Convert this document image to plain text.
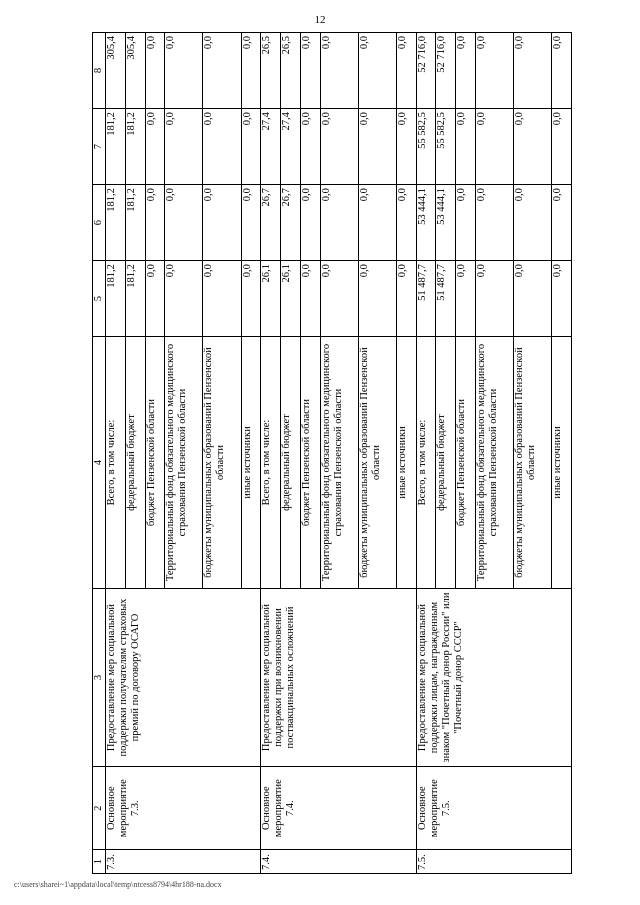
12
1	2	3	4	5	6	7	8
7.3.	Основное мероприятие 7.3.	Предоставление мер социальной поддержки получателям страховых премий по договору ОСАГО	Всего, в том числе:	181,2	181,2	181,2	305,4
			федеральный бюджет	181,2	181,2	181,2	305,4
			бюджет Пензенской области	0,0	0,0	0,0	0,0
			Территориальный фонд обязательного медицинского страхования Пензенской области	0,0	0,0	0,0	0,0
			бюджеты муниципальных образований Пензенской области	0,0	0,0	0,0	0,0
			иные источники	0,0	0,0	0,0	0,0
7.4.	Основное мероприятие 7.4.	Предоставление мер социальной поддержки при возникновении поствакцинальных осложнений	Всего, в том числе:	26,1	26,7	27,4	26,5
			федеральный бюджет	26,1	26,7	27,4	26,5
			бюджет Пензенской области	0,0	0,0	0,0	0,0
			Территориальный фонд обязательного медицинского страхования Пензенской области	0,0	0,0	0,0	0,0
			бюджеты муниципальных образований Пензенской области	0,0	0,0	0,0	0,0
			иные источники	0,0	0,0	0,0	0,0
7.5.	Основное мероприятие 7.5.	Предоставление мер социальной поддержки лицам, награжденным знаком "Почетный донор России" или "Почетный донор СССР"	Всего, в том числе:	51 487,7	53 444,1	55 582,5	52 716,0
			федеральный бюджет	51 487,7	53 444,1	55 582,5	52 716,0
			бюджет Пензенской области	0,0	0,0	0,0	0,0
			Территориальный фонд обязательного медицинского страхования Пензенской области	0,0	0,0	0,0	0,0
			бюджеты муниципальных образований Пензенской области	0,0	0,0	0,0	0,0
			иные источники	0,0	0,0	0,0	0,0
c:\users\sharei~1\appdata\local\temp\ntcess8794\4hr188-na.docx
